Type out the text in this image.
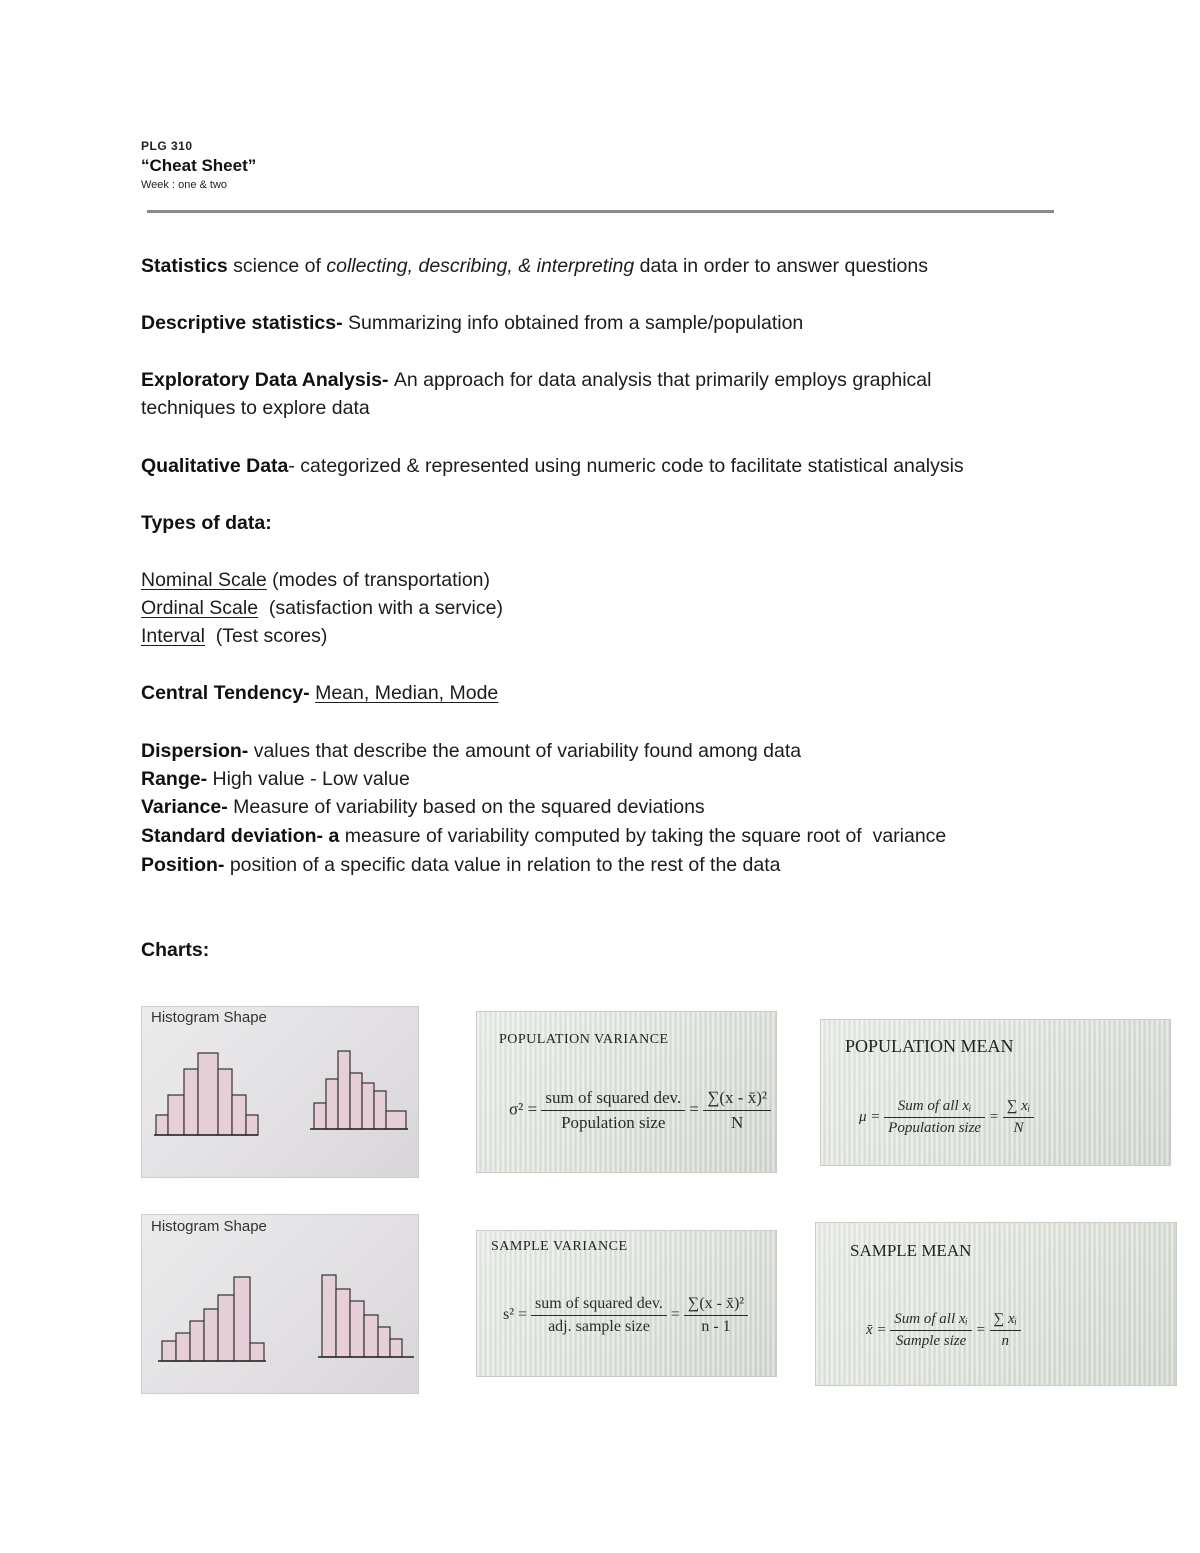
PLG 310
“Cheat Sheet”
Week : one & two
Statistics science of collecting, describing, & interpreting data in order to answer questions
Descriptive statistics- Summarizing info obtained from a sample/population
Exploratory Data Analysis- An approach for data analysis that primarily employs graphical
techniques to explore data
Qualitative Data- categorized & represented using numeric code to facilitate statistical analysis
Types of data:
Nominal Scale (modes of transportation)
Ordinal Scale  (satisfaction with a service)
Interval  (Test scores)
Central Tendency- Mean, Median, Mode
Dispersion- values that describe the amount of variability found among data
Range- High value - Low value
Variance- Measure of variability based on the squared deviations
Standard deviation- a measure of variability computed by taking the square root of  variance
Position- position of a specific data value in relation to the rest of the data
Charts:
Histogram Shape
Histogram Shape
POPULATION VARIANCE
$\sigma^2 = \frac{\text{sum of squared dev.}}{\text{Population size}} = \frac{\text{∑(x - x̄)²}}{N}$
POPULATION MEAN
$\mu = \frac{\text{Sum of all xᵢ}}{\text{Population size}} = \frac{\text{∑ xᵢ}}{N}$
SAMPLE VARIANCE
$s^2 = \frac{\text{sum of squared dev.}}{\text{adj. sample size}} = \frac{\text{∑(x - x̄)²}}{n - 1}$
SAMPLE MEAN
x̄ = $\frac{\text{Sum of all xᵢ}}{\text{Sample size}} = \frac{\text{∑ xᵢ}}{n}$
